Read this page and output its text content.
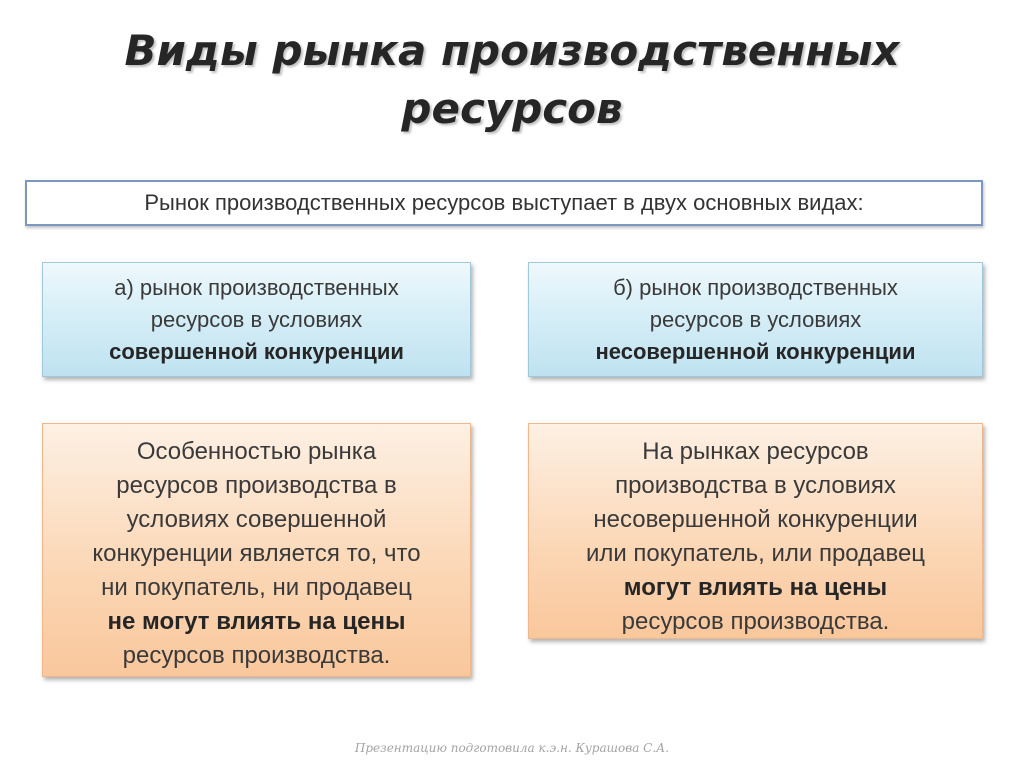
Виды рынка производственных
ресурсов
Рынок производственных ресурсов выступает в двух основных видах:
а) рынок производственных
ресурсов в условиях
совершенной конкуренции
б) рынок производственных
ресурсов в условиях
несовершенной конкуренции
Особенностью рынка
ресурсов производства в
условиях совершенной
конкуренции является то, что
ни покупатель, ни продавец
не могут влиять на цены
ресурсов производства.
На рынках ресурсов
производства в условиях
несовершенной конкуренции
или покупатель, или продавец
могут влиять на цены
ресурсов производства.
Презентацию подготовила к.э.н. Курашова С.А.
